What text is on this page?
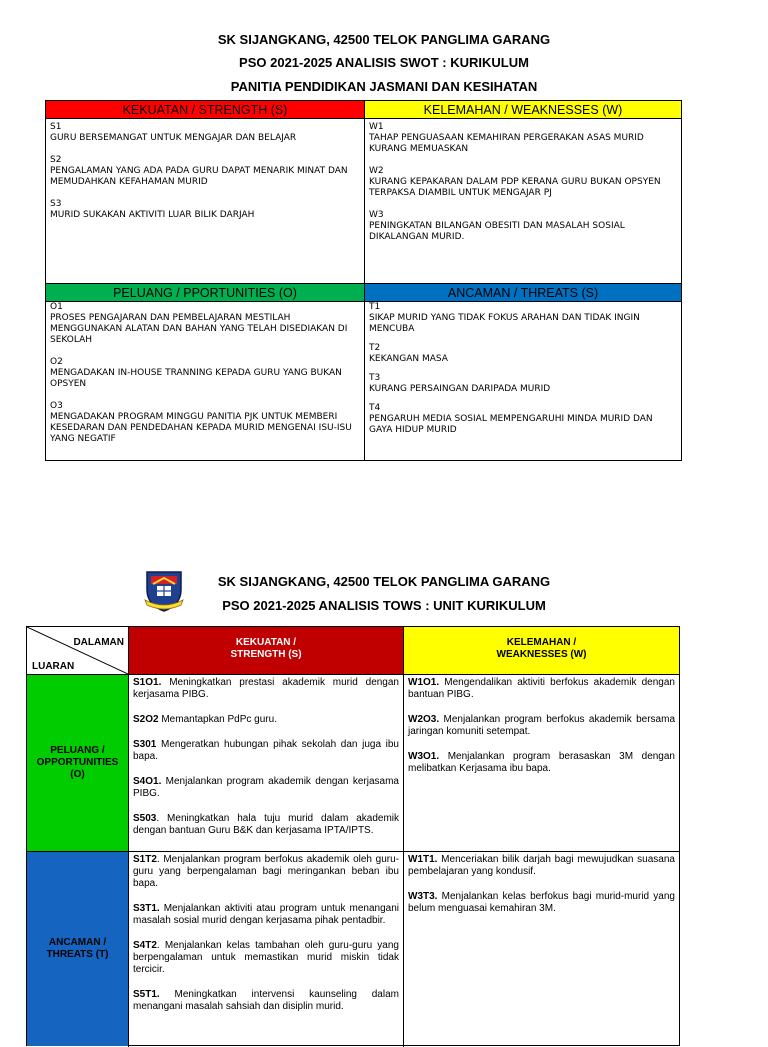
SK SIJANGKANG, 42500 TELOK PANGLIMA GARANG
PSO 2021-2025 ANALISIS SWOT : KURIKULUM
PANITIA PENDIDIKAN JASMANI DAN KESIHATAN
KEKUATAN / STRENGTH (S)	KELEMAHAN / WEAKNESSES (W)
S1
GURU BERSEMANGAT UNTUK MENGAJAR DAN BELAJAR
S2
PENGALAMAN YANG ADA PADA GURU DAPAT MENARIK MINAT DAN MEMUDAHKAN KEFAHAMAN MURID
S3
MURID SUKAKAN AKTIVITI LUAR BILIK DARJAH
W1
TAHAP PENGUASAAN KEMAHIRAN PERGERAKAN ASAS MURID KURANG MEMUASKAN
W2
KURANG KEPAKARAN DALAM PDP KERANA GURU BUKAN OPSYEN TERPAKSA DIAMBIL UNTUK MENGAJAR PJ
W3
PENINGKATAN BILANGAN OBESITI DAN MASALAH SOSIAL DIKALANGAN MURID.
PELUANG / PPORTUNITIES (O)	ANCAMAN / THREATS (S)
O1
PROSES PENGAJARAN DAN PEMBELAJARAN MESTILAH MENGGUNAKAN ALATAN DAN BAHAN YANG TELAH DISEDIAKAN DI SEKOLAH
O2
MENGADAKAN IN-HOUSE TRANNING KEPADA GURU YANG BUKAN OPSYEN
O3
MENGADAKAN PROGRAM MINGGU PANITIA PJK UNTUK MEMBERI KESEDARAN DAN PENDEDAHAN KEPADA MURID MENGENAI ISU-ISU YANG NEGATIF
T1
SIKAP MURID YANG TIDAK FOKUS ARAHAN DAN TIDAK INGIN MENCUBA
T2
KEKANGAN MASA
T3
KURANG PERSAINGAN DARIPADA MURID
T4
PENGARUH MEDIA SOSIAL MEMPENGARUHI MINDA MURID DAN GAYA HIDUP MURID
SK SIJANGKANG, 42500 TELOK PANGLIMA GARANG
PSO 2021-2025 ANALISIS TOWS : UNIT KURIKULUM
DALAMAN
LUARAN
KEKUATAN /
STRENGTH (S)
KELEMAHAN /
WEAKNESSES (W)
PELUANG /
OPPORTUNITIES
(O)
ANCAMAN /
THREATS (T)

S1O1. Meningkatkan prestasi akademik murid dengan kerjasama PIBG.

S2O2 Memantapkan PdPc guru.

S301 Mengeratkan hubungan pihak sekolah dan juga ibu bapa.

S4O1. Menjalankan program akademik dengan kerjasama PIBG.

S503. Meningkatkan hala tuju murid dalam akademik dengan bantuan Guru B&K dan kerjasama IPTA/IPTS.

W1O1. Mengendalikan aktiviti berfokus akademik dengan bantuan PIBG.

W2O3. Menjalankan program berfokus akademik bersama jaringan komuniti setempat.

W3O1. Menjalankan program berasaskan 3M dengan melibatkan Kerjasama ibu bapa.

S1T2. Menjalankan program berfokus akademik oleh guru-guru yang berpengalaman bagi meringankan beban ibu bapa.

S3T1. Menjalankan aktiviti atau program untuk menangani masalah sosial murid dengan kerjasama pihak pentadbir.

S4T2. Menjalankan kelas tambahan oleh guru-guru yang berpengalaman untuk memastikan murid miskin tidak tercicir.

S5T1. Meningkatkan intervensi kaunseling dalam menangani masalah sahsiah dan disiplin murid.

W1T1. Menceriakan bilik darjah bagi mewujudkan suasana pembelajaran yang kondusif.

W3T3. Menjalankan kelas berfokus bagi murid-murid yang belum menguasai kemahiran 3M.
